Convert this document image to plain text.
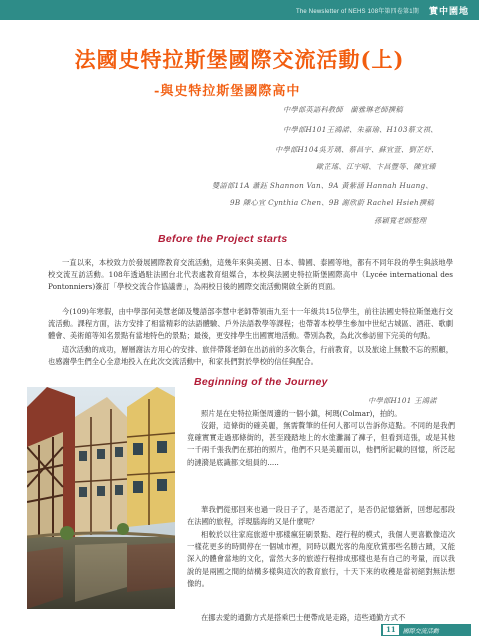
The Newsletter of NEHS 108年第四卷第1期 實中園地
法國史特拉斯堡國際交流活動(上)
-與史特拉斯堡國際高中
中學部英語科教師　蘭雅琳老師撰稿
中學部H101王鴻諾、朱嘉瑜、H103蔡文祺、
中學部H104吳芳瑀、蔡昌宇、蘇宜萱、劉芷妤、
歐芷瑤、江宇晴、卞昌豐等、陳宜臻
雙語部11A 蕭鈺 Shannon Van、9A 黃紫涵 Hannah Huang、
9B 陳心宜 Cynthia Chen、9B 謝欣蔚 Rachel Hsieh撰稿
孫穎寬老師整理
Before the Project starts
一直以來，本校致力於發展國際教育交流活動，這幾年來與美國、日本、韓國、泰國等地，都有不同年段的學生與該地學校交流互訪活動。108年透過駐法國台北代表處教育組媒合，本校與法國史特拉斯堡國際高中（Lycée international des Pontonniers)簽訂「學校交流合作協議書」，為兩校日後的國際交流活動開啟全新的頁面。
今(109)年寒假，由中學部何美慧老師及雙語部李慧中老師帶領南九至十一年級共15位學生，前往法國史特拉斯堡進行交流活動。課程方面，法方安排了相當精彩的法語體驗、戶外法語教學等課程；也帶著本校學生參加中世紀古城區、酒莊、歌劇體會、美術館等知名景點有當地特色的景點；最後，更安排學生出國實地活動。帶別為教，為此次參訪留下完美的句點。
這次活動的成功，層層謝法方用心的安排、旅伴帶隊老師在出訪前的多次集合，行前教育，以及旅途上無數不忘的照顧，也感謝學生們全心全意地投入在此次交流活動中，和家長們對於學校的信任與配合。
Beginning of the Journey
中學部H101 王鴻諾
照片是在史特拉斯堡周邊的一個小鎮，柯瑪(Colmar)，拍的。
沒錯，這條街的確美麗，無需贅筆的任何人都可以告訴你這點。不同的是我們竟確實實走過那條街的，甚至踐踏地上的水塗灘漏了褲子，但看到這張，或是其他一千兩千張我們在那拍的照片，他們不只是美麗而以，他們所記載的回憶，所泛起的漣漪是底識都文組員的.....
華我們從那回來也過一段日子了，是否還記了，是否仍記憶猶新，回想起那段在法國的旅程，浮現腦海的又是什麼呢？
相較於以往家庭旅遊中那樣瘋狂刷景點、趕行程的模式，我個人更喜歡像這次一樣花更多的時間停在一個城市裡，同時以觀光客的角度欣賞那些名勝古蹟，又能深入的體會當地的文化，當然大多的旅遊行程排成那樣也是有自己的考量，而以我說的是兩國之間的結構多樣與這次的教育旅行，十天下來的收穫是當初絕對無法想像的。
在挪去愛的通勤方式是搭乘巴士便帶成是走路，這些通勤方式不
11	國際交流活動
